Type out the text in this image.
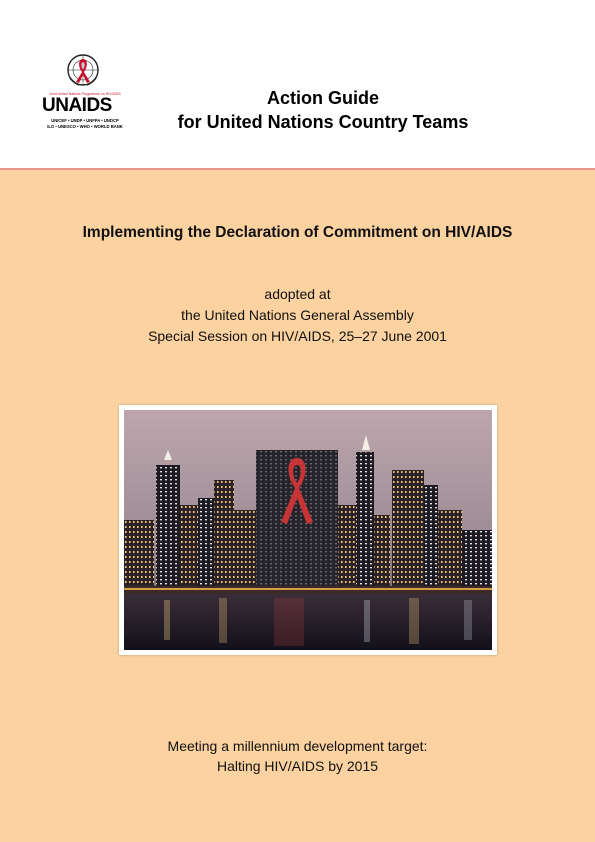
Joint United Nations Programme on HIV/AIDS
UNAIDS
UNICEF • UNDP • UNFPA • UNDCP
ILO • UNESCO • WHO • WORLD BANK
Action Guide
for United Nations Country Teams
Implementing the Declaration of Commitment on HIV/AIDS
adopted at
the United Nations General Assembly
Special Session on HIV/AIDS, 25–27 June 2001
Meeting a millennium development target:
Halting HIV/AIDS by 2015
